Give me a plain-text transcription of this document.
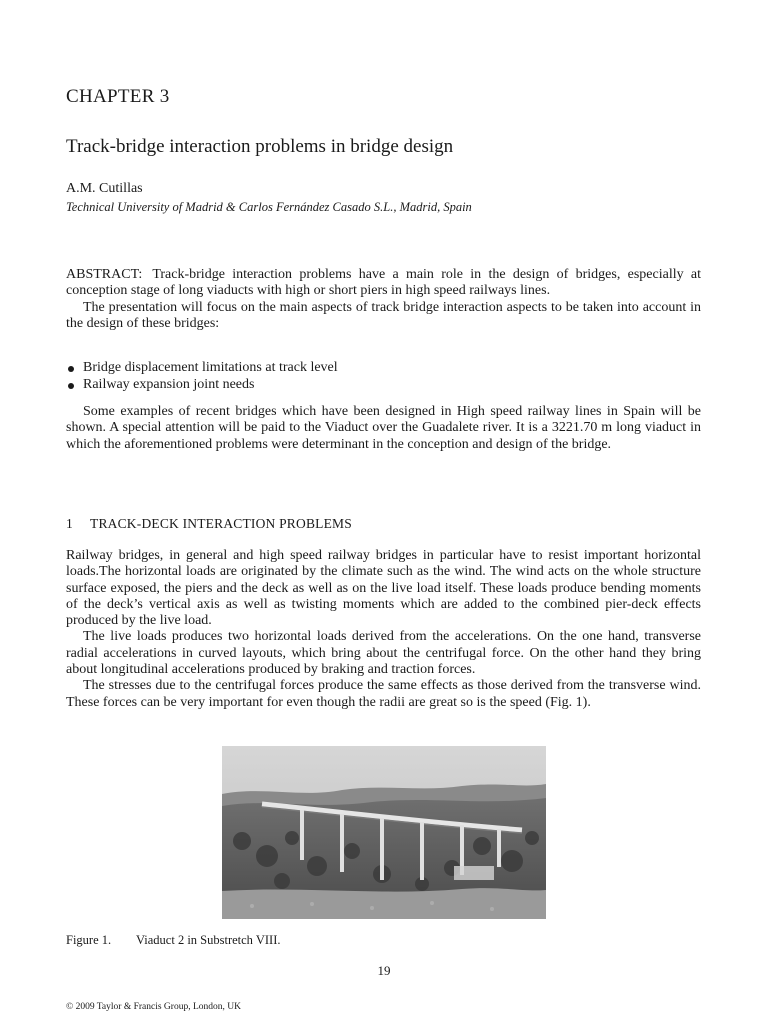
CHAPTER 3
Track-bridge interaction problems in bridge design
A.M. Cutillas
Technical University of Madrid & Carlos Fernández Casado S.L., Madrid, Spain

ABSTRACT: Track-bridge interaction problems have a main role in the design of bridges, especially at conception stage of long viaducts with high or short piers in high speed railways lines.

The presentation will focus on the main aspects of track bridge interaction aspects to be taken into account in the design of these bridges:

Bridge displacement limitations at track level
Railway expansion joint needs

Some examples of recent bridges which have been designed in High speed railway lines in Spain will be shown. A special attention will be paid to the Viaduct over the Guadalete river. It is a 3221.70 m long viaduct in which the aforementioned problems were determinant in the conception and design of the bridge.

1 TRACK-DECK INTERACTION PROBLEMS

Railway bridges, in general and high speed railway bridges in particular have to resist important horizontal loads.The horizontal loads are originated by the climate such as the wind. The wind acts on the whole structure surface exposed, the piers and the deck as well as on the live load itself. These loads produce bending moments of the deck’s vertical axis as well as twisting moments which are added to the combined pier-deck effects produced by the live load.

The live loads produces two horizontal loads derived from the accelerations. On the one hand, transverse radial accelerations in curved layouts, which bring about the centrifugal force. On the other hand they bring about longitudinal accelerations produced by braking and traction forces.

The stresses due to the centrifugal forces produce the same effects as those derived from the transverse wind. These forces can be very important for even though the radii are great so is the speed (Fig. 1).

Figure 1. Viaduct 2 in Substretch VIII.
19
© 2009 Taylor & Francis Group, London, UK
